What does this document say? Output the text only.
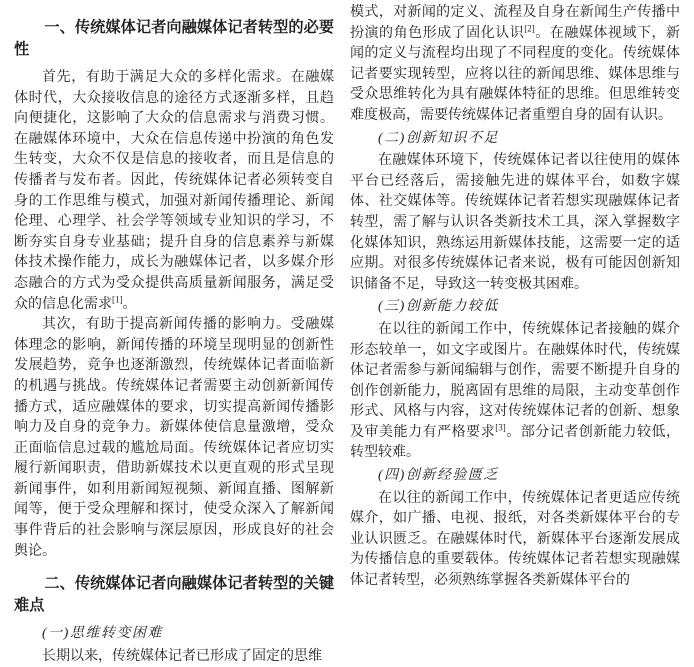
一、传统媒体记者向融媒体记者转型的必要性

首先，有助于满足大众的多样化需求。在融媒体时代，大众接收信息的途径方式逐渐多样，且趋向便捷化，这影响了大众的信息需求与消费习惯。在融媒体环境中，大众在信息传递中扮演的角色发生转变，大众不仅是信息的接收者，而且是信息的传播者与发布者。因此，传统媒体记者必须转变自身的工作思维与模式，加强对新闻传播理论、新闻伦理、心理学、社会学等领域专业知识的学习，不断夯实自身专业基础；提升自身的信息素养与新媒体技术操作能力，成长为融媒体记者，以多媒介形态融合的方式为受众提供高质量新闻服务，满足受众的信息化需求[1]。

其次，有助于提高新闻传播的影响力。受融媒体理念的影响，新闻传播的环境呈现明显的创新性发展趋势，竞争也逐渐激烈，传统媒体记者面临新的机遇与挑战。传统媒体记者需要主动创新新闻传播方式，适应融媒体的要求，切实提高新闻传播影响力及自身的竞争力。新媒体使信息量激增，受众正面临信息过载的尴尬局面。传统媒体记者应切实履行新闻职责，借助新媒技术以更直观的形式呈现新闻事件，如利用新闻短视频、新闻直播、图解新闻等，便于受众理解和探讨，使受众深入了解新闻事件背后的社会影响与深层原因，形成良好的社会舆论。

二、传统媒体记者向融媒体记者转型的关键难点
(一)思维转变困难

长期以来，传统媒体记者已形成了固定的思维

模式，对新闻的定义、流程及自身在新闻生产传播中扮演的角色形成了固化认识[2]。在融媒体视域下，新闻的定义与流程均出现了不同程度的变化。传统媒体记者要实现转型，应将以往的新闻思维、媒体思维与受众思维转化为具有融媒体特征的思维。但思维转变难度极高，需要传统媒体记者重塑自身的固有认识。

(二)创新知识不足

在融媒体环境下，传统媒体记者以往使用的媒体平台已经落后，需接触先进的媒体平台，如数字媒体、社交媒体等。传统媒体记者若想实现融媒体记者转型，需了解与认识各类新技术工具，深入掌握数字化媒体知识，熟练运用新媒体技能，这需要一定的适应期。对很多传统媒体记者来说，极有可能因创新知识储备不足，导致这一转变极其困难。

(三)创新能力较低

在以往的新闻工作中，传统媒体记者接触的媒介形态较单一，如文字或图片。在融媒体时代，传统媒体记者需参与新闻编辑与创作，需要不断提升自身的创作创新能力，脱离固有思维的局限，主动变革创作形式、风格与内容，这对传统媒体记者的创新、想象及审美能力有严格要求[3]。部分记者创新能力较低，转型较难。

(四)创新经验匮乏

在以往的新闻工作中，传统媒体记者更适应传统媒介，如广播、电视、报纸，对各类新媒体平台的专业认识匮乏。在融媒体时代，新媒体平台逐渐发展成为传播信息的重要载体。传统媒体记者若想实现融媒体记者转型，必须熟练掌握各类新媒体平台的
